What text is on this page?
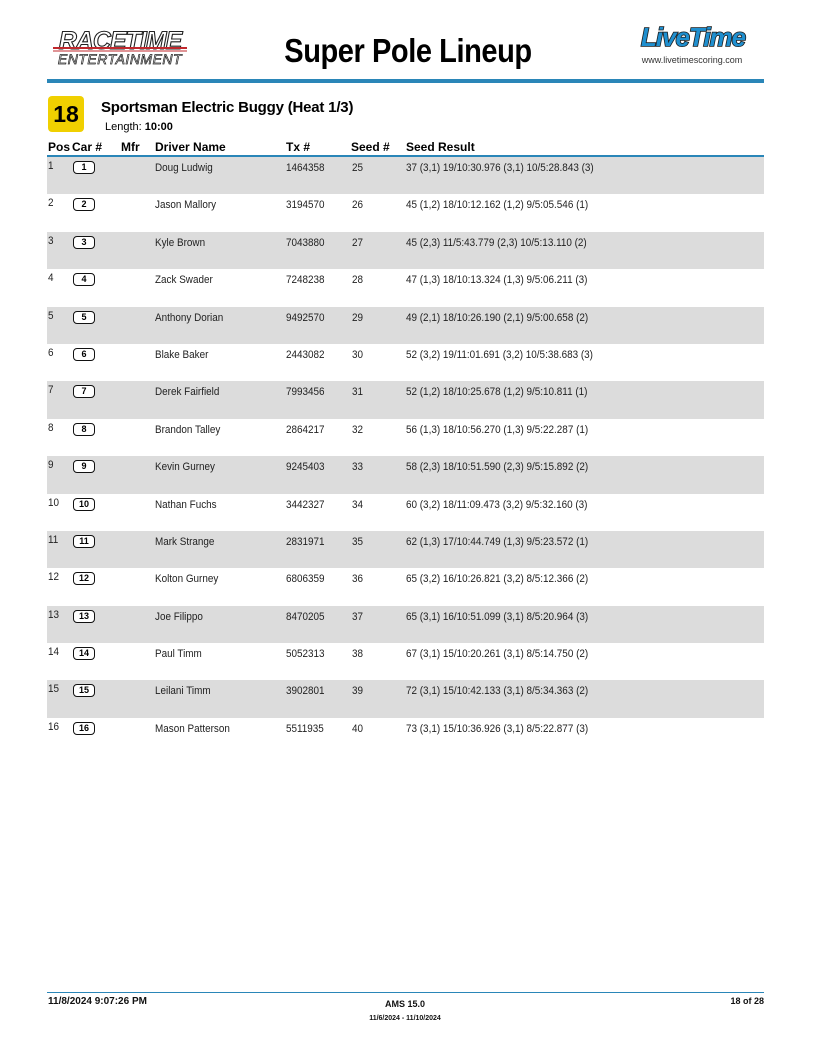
RACETIME
ENTERTAINMENT	Super Pole Lineup	LiveTime
www.livetimescoring.com
18	Sportsman Electric Buggy (Heat 1/3)
Length: 10:00
Pos Car # Mfr Driver Name	Tx #	Seed # Seed Result
1	1	Doug Ludwig	1464358 25	37 (3,1) 19/10:30.976 (3,1) 10/5:28.843 (3)
2	2	Jason Mallory	3194570 26	45 (1,2) 18/10:12.162 (1,2) 9/5:05.546 (1)
3	3	Kyle Brown	7043880 27	45 (2,3) 11/5:43.779 (2,3) 10/5:13.110 (2)
4	4	Zack Swader	7248238 28	47 (1,3) 18/10:13.324 (1,3) 9/5:06.211 (3)
5	5	Anthony Dorian	9492570 29	49 (2,1) 18/10:26.190 (2,1) 9/5:00.658 (2)
6	6	Blake Baker	2443082 30	52 (3,2) 19/11:01.691 (3,2) 10/5:38.683 (3)
7	7	Derek Fairfield	7993456 31	52 (1,2) 18/10:25.678 (1,2) 9/5:10.811 (1)
8	8	Brandon Talley	2864217 32	56 (1,3) 18/10:56.270 (1,3) 9/5:22.287 (1)
9	9	Kevin Gurney	9245403 33	58 (2,3) 18/10:51.590 (2,3) 9/5:15.892 (2)
10	10	Nathan Fuchs	3442327 34	60 (3,2) 18/11:09.473 (3,2) 9/5:32.160 (3)
11	11	Mark Strange	2831971 35	62 (1,3) 17/10:44.749 (1,3) 9/5:23.572 (1)
12	12	Kolton Gurney	6806359 36	65 (3,2) 16/10:26.821 (3,2) 8/5:12.366 (2)
13	13	Joe Filippo	8470205 37	65 (3,1) 16/10:51.099 (3,1) 8/5:20.964 (3)
14	14	Paul Timm	5052313 38	67 (3,1) 15/10:20.261 (3,1) 8/5:14.750 (2)
15	15	Leilani Timm	3902801 39	72 (3,1) 15/10:42.133 (3,1) 8/5:34.363 (2)
16	16	Mason Patterson	5511935	40	73 (3,1) 15/10:36.926 (3,1) 8/5:22.877 (3)
11/8/2024 9:07:26 PM	AMS 15.0
11/6/2024 - 11/10/2024
18 of 28
